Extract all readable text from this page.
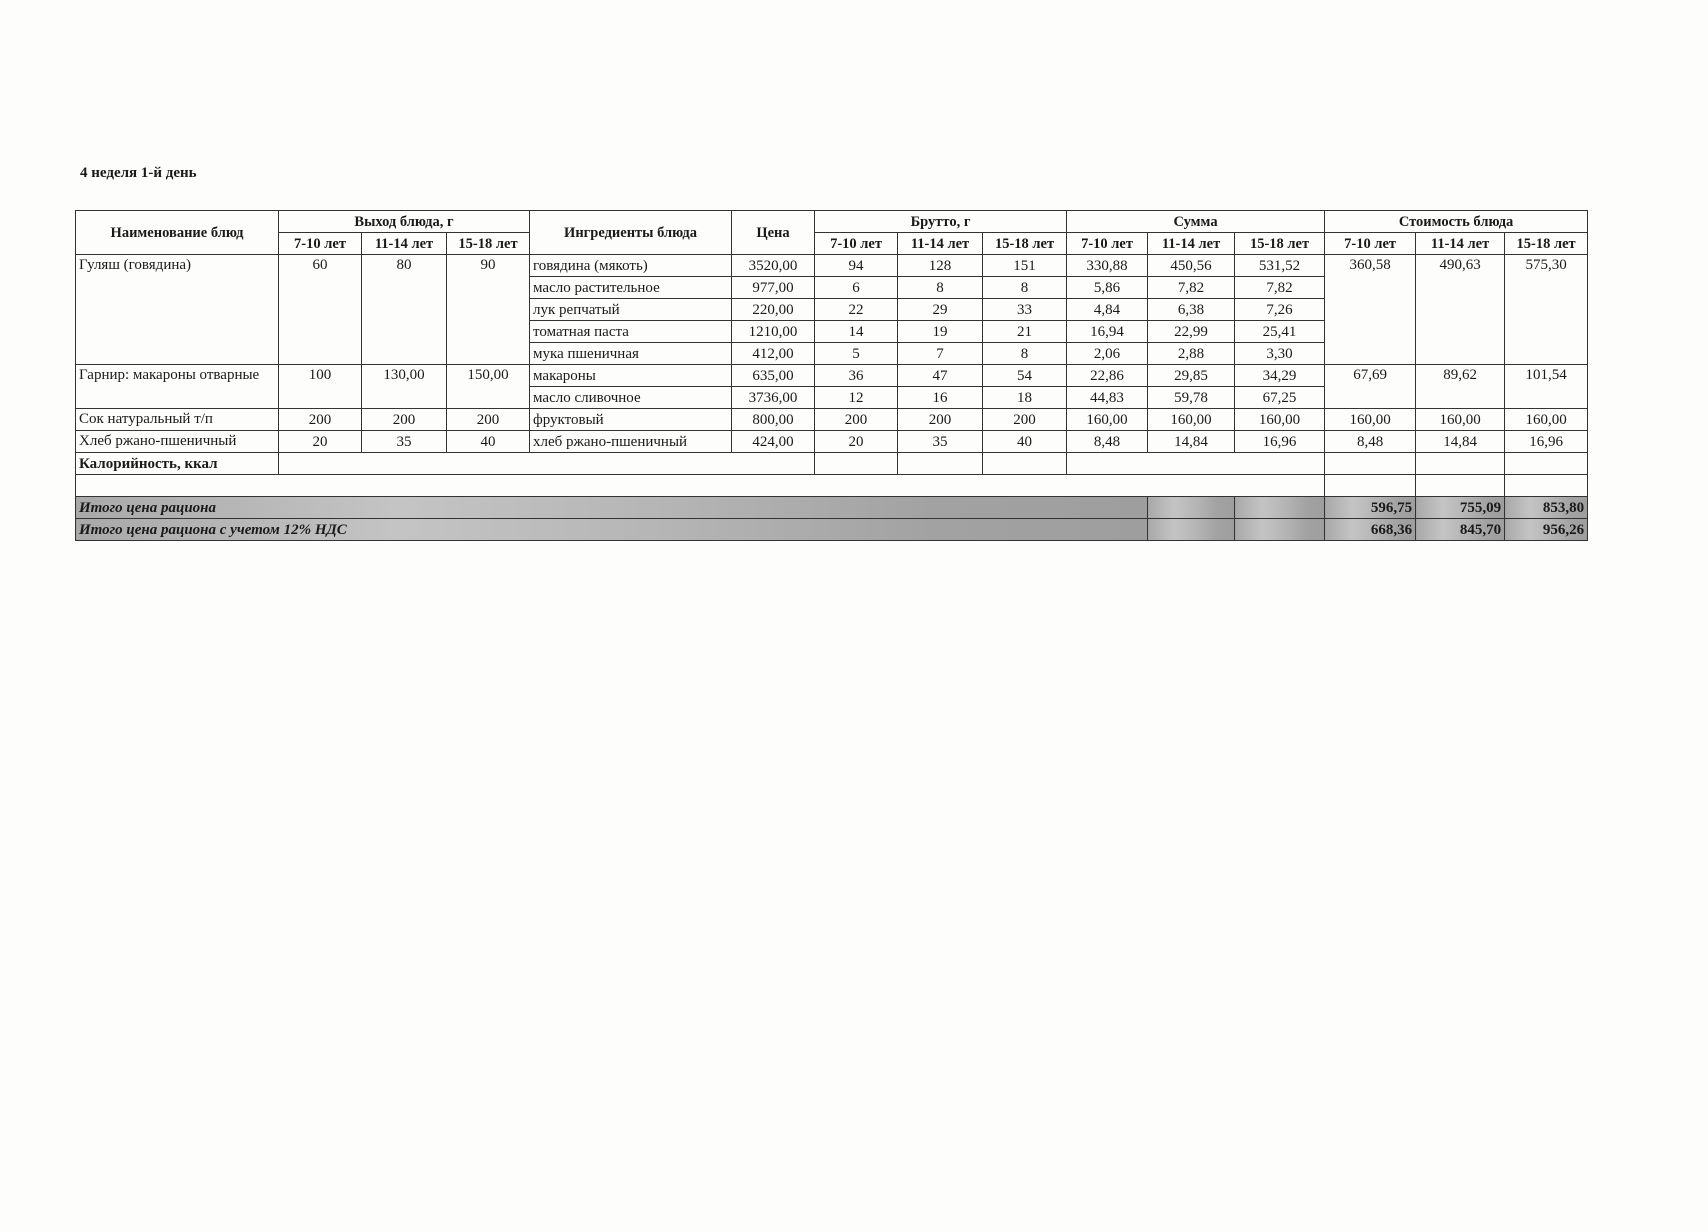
4 неделя 1-й день
Наименование блюд	Выход блюда, г			Ингредиенты блюда	Цена	Брутто, г			Сумма			Стоимость блюда		
	7-10 лет	11-14 лет	15-18 лет			7-10 лет	11-14 лет	15-18 лет	7-10 лет	11-14 лет	15-18 лет	7-10 лет	11-14 лет	15-18 лет
Гуляш (говядина)	60	80	90	говядина (мякоть)	3520,00	94	128	151	330,88	450,56	531,52	360,58	490,63	575,30
				масло растительное	977,00	6	8	8	5,86	7,82	7,82			
				лук репчатый	220,00	22	29	33	4,84	6,38	7,26			
				томатная паста	1210,00	14	19	21	16,94	22,99	25,41			
				мука пшеничная	412,00	5	7	8	2,06	2,88	3,30			
Гарнир: макароны отварные	100	130,00	150,00	макароны	635,00	36	47	54	22,86	29,85	34,29	67,69	89,62	101,54
				масло сливочное	3736,00	12	16	18	44,83	59,78	67,25			
Сок натуральный т/п	200	200	200	фруктовый	800,00	200	200	200	160,00	160,00	160,00	160,00	160,00	160,00
Хлеб ржано-пшеничный	20	35	40	хлеб ржано-пшеничный	424,00	20	35	40	8,48	14,84	16,96	8,48	14,84	16,96
Калорийность, ккал														

Итого цена рациона												596,75	755,09	853,80
Итого цена рациона с учетом 12% НДС												668,36	845,70	956,26
